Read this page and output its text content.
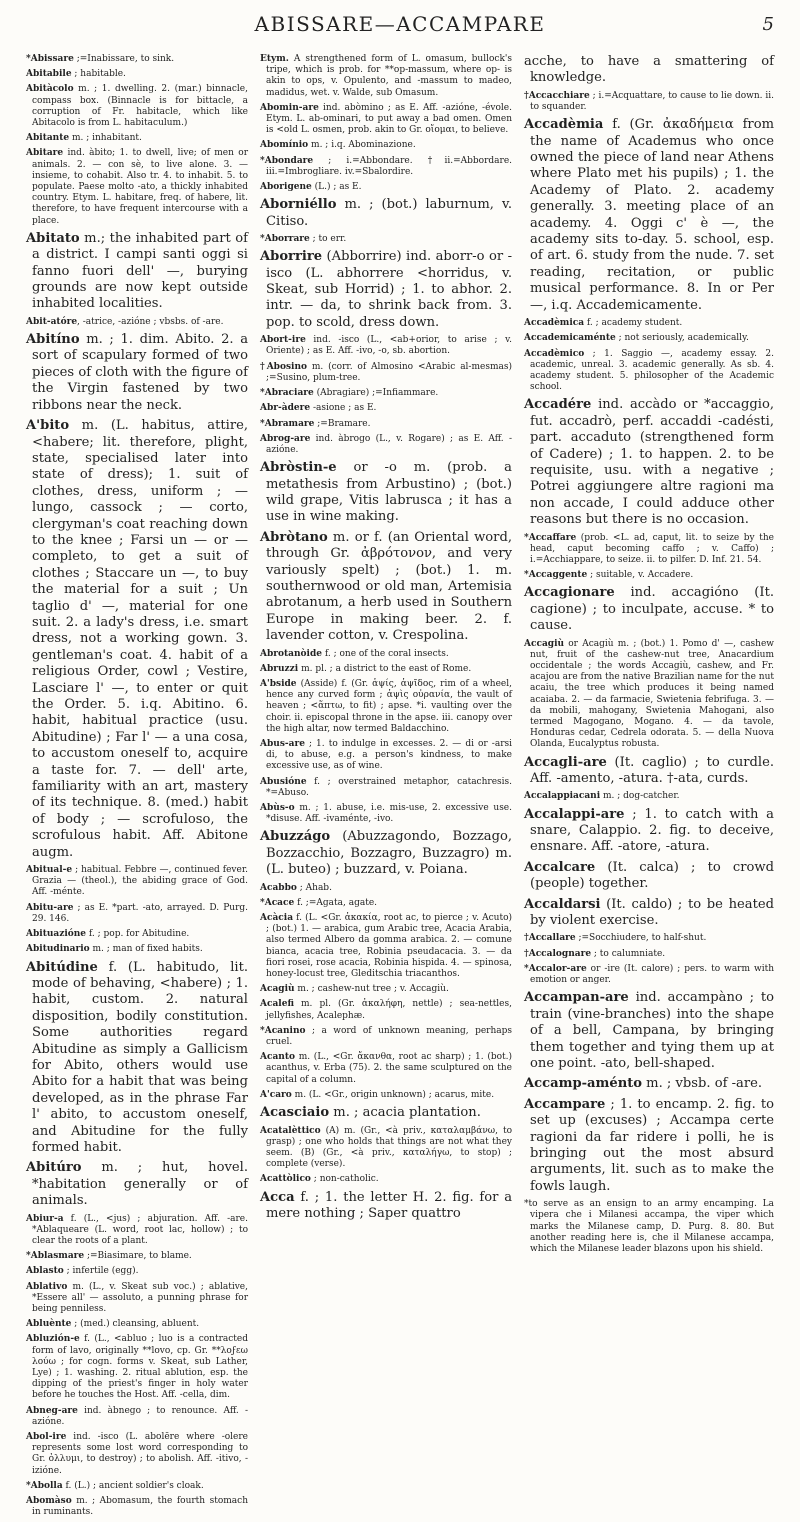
ABISSARE—ACCAMPARE	5

*Abissare ;=Inabissare, to sink.

Abitabile ; habitable.

Abitàcolo m. ; 1. dwelling. 2. (mar.) binnacle, compass box. (Binnacle is for bittacle, a corruption of Fr. habitacle, which like Abitacolo is from L. habitaculum.)

Abitante m. ; inhabitant.

Abitare ind. àbito; 1. to dwell, live; of men or animals. 2. — con sè, to live alone. 3. — insieme, to cohabit. Also tr. 4. to inhabit. 5. to populate. Paese molto -ato, a thickly inhabited country. Etym. L. habitare, freq. of habere, lit. therefore, to have frequent intercourse with a place.

Abitato m.; the inhabited part of a district. I campi santi oggi si fanno fuori dell' —, burying grounds are now kept outside inhabited localities.

Abit-atóre, -atrice, -azióne ; vbsbs. of -are.

Abitíno m. ; 1. dim. Abito. 2. a sort of scapulary formed of two pieces of cloth with the figure of the Virgin fastened by two ribbons near the neck.

A'bito m. (L. habitus, attire, <habere; lit. therefore, plight, state, specialised later into state of dress); 1. suit of clothes, dress, uniform ; — lungo, cassock ; — corto, clergyman's coat reaching down to the knee ; Farsi un — or — completo, to get a suit of clothes ; Staccare un —, to buy the material for a suit ; Un taglio d' —, material for one suit. 2. a lady's dress, i.e. smart dress, not a working gown. 3. gentleman's coat. 4. habit of a religious Order, cowl ; Vestire, Lasciare l' —, to enter or quit the Order. 5. i.q. Abitino. 6. habit, habitual practice (usu. Abitudine) ; Far l' — a una cosa, to accustom oneself to, acquire a taste for. 7. — dell' arte, familiarity with an art, mastery of its technique. 8. (med.) habit of body ; — scrofuloso, the scrofulous habit. Aff. Abitone augm.

Abitual-e ; habitual. Febbre —, continued fever. Grazia — (theol.), the abiding grace of God. Aff. -ménte.

Abitu-are ; as E. *part. -ato, arrayed. D. Purg. 29. 146.

Abituazióne f. ; pop. for Abitudine.

Abitudinario m. ; man of fixed habits.

Abitúdine f. (L. habitudo, lit. mode of behaving, <habere) ; 1. habit, custom. 2. natural disposition, bodily constitution. Some authorities regard Abitudine as simply a Gallicism for Abito, others would use Abito for a habit that was being developed, as in the phrase Far l' abito, to accustom oneself, and Abitudine for the fully formed habit.

Abitúro m. ; hut, hovel. *habitation generally or of animals.

Abiur-a f. (L., <jus) ; abjuration. Aff. -are. *Ablaqueare (L. word, root lac, hollow) ; to clear the roots of a plant.

*Ablasmare ;=Biasimare, to blame.

Ablasto ; infertile (egg).

Ablativo m. (L., v. Skeat sub voc.) ; ablative, *Essere all' — assoluto, a punning phrase for being penniless.

Abluènte ; (med.) cleansing, abluent.

Abluzión-e f. (L., <abluo ; luo is a contracted form of lavo, originally **lovo, cp. Gr. **λοϝεω λούω ; for cogn. forms v. Skeat, sub Lather, Lye) ; 1. washing. 2. ritual ablution, esp. the dipping of the priest's finger in holy water before he touches the Host. Aff. -cella, dim.

Abneg-are ind. àbnego ; to renounce. Aff. -azióne.

Abol-ire ind. -isco (L. abolēre where -olere represents some lost word corresponding to Gr. ὀλλυμι, to destroy) ; to abolish. Aff. -itivo, -izióne.

*Abolla f. (L.) ; ancient soldier's cloak.

Abomàso m. ; Abomasum, the fourth stomach in ruminants.

Etym. A strengthened form of L. omasum, bullock's tripe, which is prob. for **op-massum, where op- is akin to ops, v. Opulento, and -massum to madeo, madidus, wet. v. Walde, sub Omasum.

Abomin-are ind. abòmino ; as E. Aff. -azióne, -évole. Etym. L. ab-ominari, to put away a bad omen. Omen is <old L. osmen, prob. akin to Gr. οἴομαι, to believe.

Abomínio m. ; i.q. Abominazione.

*Abondare ; i.=Abbondare. †ii.=Abbordare. iii.=Imbrogliare. iv.=Sbalordire.

Aborigene (L.) ; as E.

Aborniéllo m. ; (bot.) laburnum, v. Citiso.

*Aborrare ; to err.

Aborrire (Abborrire) ind. aborr-o or -isco (L. abhorrere <horridus, v. Skeat, sub Horrid) ; 1. to abhor. 2. intr. — da, to shrink back from. 3. pop. to scold, dress down.

Abort-ire ind. -isco (L., <ab+orior, to arise ; v. Oriente) ; as E. Aff. -ivo, -o, sb. abortion.

†Abosino m. (corr. of Almosino <Arabic al-mesmas) ;=Susino, plum-tree.

*Abraciare (Abragiare) ;=Infiammare.

Abr-àdere -asione ; as E.

*Abramare ;=Bramare.

Abrog-are ind. àbrogo (L., v. Rogare) ; as E. Aff. -azióne.

Abròstin-e or -o m. (prob. a metathesis from Arbustino) ; (bot.) wild grape, Vitis labrusca ; it has a use in wine making.

Abròtano m. or f. (an Oriental word, through Gr. ἀβρότονον, and very variously spelt) ; (bot.) 1. m. southernwood or old man, Artemisia abrotanum, a herb used in Southern Europe in making beer. 2. f. lavender cotton, v. Crespolina.

Abrotanòide f. ; one of the coral insects.

Abruzzi m. pl. ; a district to the east of Rome.

A'bside (Asside) f. (Gr. ἁψίς, ἁψῖδος, rim of a wheel, hence any curved form ; ἁψὶς οὐρανία, the vault of heaven ; <ἅπτω, to fit) ; apse. *i. vaulting over the choir. ii. episcopal throne in the apse. iii. canopy over the high altar, now termed Baldacchino.

Abus-are ; 1. to indulge in excesses. 2. — di or -arsi di, to abuse, e.g. a person's kindness, to make excessive use, as of wine.

Abusióne f. ; overstrained metaphor, catachresis. *=Abuso.

Abùs-o m. ; 1. abuse, i.e. mis-use, 2. excessive use. *disuse. Aff. -ivaménte, -ivo.

Abuzzágo (Abuzzagondo, Bozzago, Bozzacchio, Bozzagro, Buzzagro) m. (L. buteo) ; buzzard, v. Poiana.

Acabbo ; Ahab.

*Acace f. ;=Agata, agate.

Acàcia f. (L. <Gr. ἀκακία, root ac, to pierce ; v. Acuto) ; (bot.) 1. — arabica, gum Arabic tree, Acacia Arabia, also termed Albero da gomma arabica. 2. — comune bianca, acacia tree, Robinia pseudacacia. 3. — da fiori rosei, rose acacia, Robinia hispida. 4. — spinosa, honey-locust tree, Gleditschia triacanthos.

Acagiù m. ; cashew-nut tree ; v. Accagiù.

Acalefi m. pl. (Gr. ἀκαλήφη, nettle) ; sea-nettles, jellyfishes, Acalephæ.

*Acanino ; a word of unknown meaning, perhaps cruel.

Acanto m. (L., <Gr. ἄκανθα, root ac sharp) ; 1. (bot.) acanthus, v. Erba (75). 2. the same sculptured on the capital of a column.

A'caro m. (L. <Gr., origin unknown) ; acarus, mite.

Acasciaio m. ; acacia plantation.

Acatalèttico (A) m. (Gr., <à priv., καταλαμβάνω, to grasp) ; one who holds that things are not what they seem. (B) (Gr., <à priv., καταλήγω, to stop) ; complete (verse).

Acattòlico ; non-catholic.

Acca f. ; 1. the letter H. 2. fig. for a mere nothing ; Saper quattro

acche, to have a smattering of knowledge.

†Accacchiare ; i.=Acquattare, to cause to lie down. ii. to squander.

Accadèmia f. (Gr. ἀκαδήμεια from the name of Academus who once owned the piece of land near Athens where Plato met his pupils) ; 1. the Academy of Plato. 2. academy generally. 3. meeting place of an academy. 4. Oggi c' è —, the academy sits to-day. 5. school, esp. of art. 6. study from the nude. 7. set reading, recitation, or public musical performance. 8. In or Per —, i.q. Accademicamente.

Accadèmica f. ; academy student.

Accademicaménte ; not seriously, academically.

Accadèmico ; 1. Saggio —, academy essay. 2. academic, unreal. 3. academic generally. As sb. 4. academy student. 5. philosopher of the Academic school.

Accadére ind. accàdo or *accaggio, fut. accadrò, perf. accaddi -cadésti, part. accaduto (strengthened form of Cadere) ; 1. to happen. 2. to be requisite, usu. with a negative ; Potrei aggiungere altre ragioni ma non accade, I could adduce other reasons but there is no occasion.

*Accaffare (prob. <L. ad, caput, lit. to seize by the head, caput becoming caffo ; v. Caffo) ; i.=Acchiappare, to seize. ii. to pilfer. D. Inf. 21. 54.

*Accaggente ; suitable, v. Accadere.

Accagionare ind. accagióno (It. cagione) ; to inculpate, accuse. * to cause.

Accagiù or Acagiù m. ; (bot.) 1. Pomo d' —, cashew nut, fruit of the cashew-nut tree, Anacardium occidentale ; the words Accagiù, cashew, and Fr. acajou are from the native Brazilian name for the nut acaiu, the tree which produces it being named acaiaba. 2. — da farmacie, Swietenia febrifuga. 3. — da mobili, mahogany, Swietenia Mahogani, also termed Magogano, Mogano. 4. — da tavole, Honduras cedar, Cedrela odorata. 5. — della Nuova Olanda, Eucalyptus robusta.

Accagli-are (It. caglio) ; to curdle. Aff. -amento, -atura. †-ata, curds.

Accalappiacani m. ; dog-catcher.

Accalappi-are ; 1. to catch with a snare, Calappio. 2. fig. to deceive, ensnare. Aff. -atore, -atura.

Accalcare (It. calca) ; to crowd (people) together.

Accaldarsi (It. caldo) ; to be heated by violent exercise.

†Accallare ;=Socchiudere, to half-shut.

†Accalognare ; to calumniate.

*Accalor-are or -ire (It. calore) ; pers. to warm with emotion or anger.

Accampan-are ind. accampàno ; to train (vine-branches) into the shape of a bell, Campana, by bringing them together and tying them up at one point. -ato, bell-shaped.

Accamp-aménto m. ; vbsb. of -are.

Accampare ; 1. to encamp. 2. fig. to set up (excuses) ; Accampa certe ragioni da far ridere i polli, he is bringing out the most absurd arguments, lit. such as to make the fowls laugh.

*to serve as an ensign to an army encamping. La vipera che i Milanesi accampa, the viper which marks the Milanese camp, D. Purg. 8. 80. But another reading here is, che il Milanese accampa, which the Milanese leader blazons upon his shield.
